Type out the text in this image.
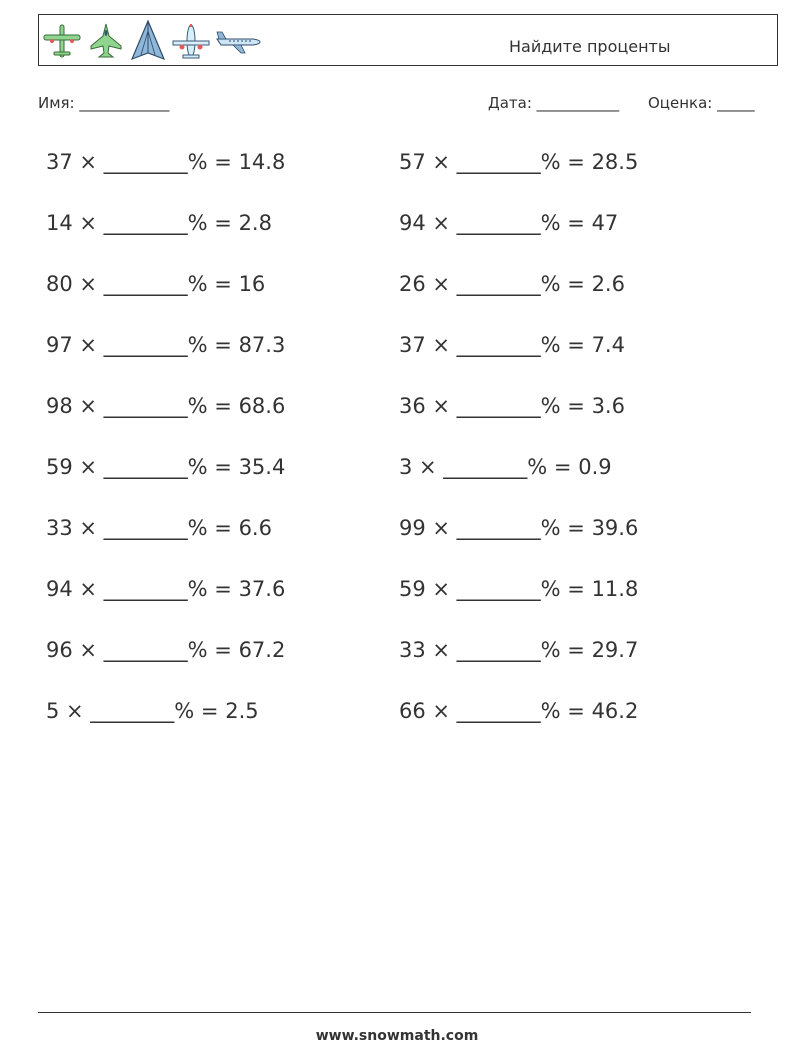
Найдите проценты
Имя: ____________	Дата: ___________ Оценка: _____
37 × ________% = 14.8
14 × ________% = 2.8
80 × ________% = 16
97 × ________% = 87.3
98 × ________% = 68.6
59 × ________% = 35.4
33 × ________% = 6.6
94 × ________% = 37.6
96 × ________% = 67.2
5 × ________% = 2.5
57 × ________% = 28.5
94 × ________% = 47
26 × ________% = 2.6
37 × ________% = 7.4
36 × ________% = 3.6
3 × ________% = 0.9
99 × ________% = 39.6
59 × ________% = 11.8
33 × ________% = 29.7
66 × ________% = 46.2
www.snowmath.com
